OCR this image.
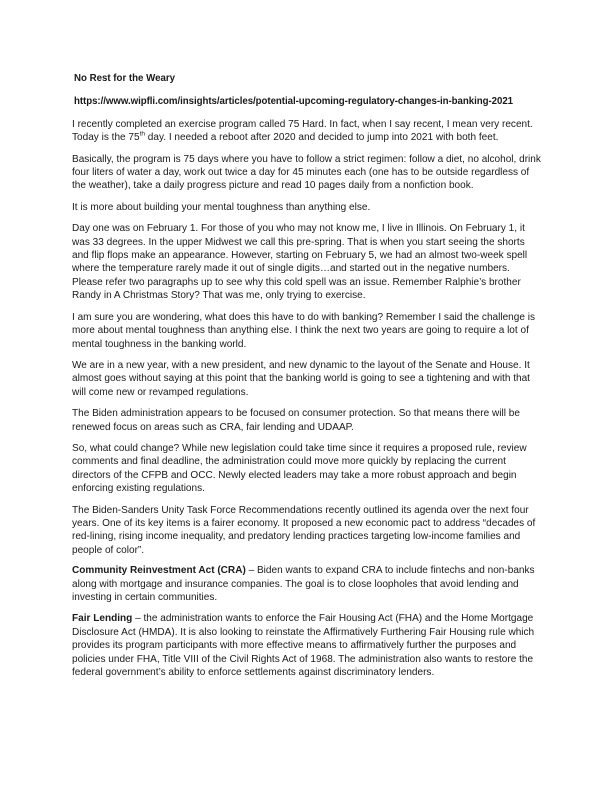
No Rest for the Weary
https://www.wipfli.com/insights/articles/potential-upcoming-regulatory-changes-in-banking-2021

I recently completed an exercise program called 75 Hard. In fact, when I say recent, I mean very recent. Today is the 75th day. I needed a reboot after 2020 and decided to jump into 2021 with both feet.

Basically, the program is 75 days where you have to follow a strict regimen: follow a diet, no alcohol, drink four liters of water a day, work out twice a day for 45 minutes each (one has to be outside regardless of the weather), take a daily progress picture and read 10 pages daily from a nonfiction book.

It is more about building your mental toughness than anything else.

Day one was on February 1. For those of you who may not know me, I live in Illinois. On February 1, it was 33 degrees. In the upper Midwest we call this pre-spring. That is when you start seeing the shorts and flip flops make an appearance. However, starting on February 5, we had an almost two-week spell where the temperature rarely made it out of single digits…and started out in the negative numbers. Please refer two paragraphs up to see why this cold spell was an issue. Remember Ralphie’s brother Randy in A Christmas Story? That was me, only trying to exercise.

I am sure you are wondering, what does this have to do with banking? Remember I said the challenge is more about mental toughness than anything else. I think the next two years are going to require a lot of mental toughness in the banking world.

We are in a new year, with a new president, and new dynamic to the layout of the Senate and House. It almost goes without saying at this point that the banking world is going to see a tightening and with that will come new or revamped regulations.

The Biden administration appears to be focused on consumer protection. So that means there will be renewed focus on areas such as CRA, fair lending and UDAAP.

So, what could change? While new legislation could take time since it requires a proposed rule, review comments and final deadline, the administration could move more quickly by replacing the current directors of the CFPB and OCC. Newly elected leaders may take a more robust approach and begin enforcing existing regulations.

The Biden-Sanders Unity Task Force Recommendations recently outlined its agenda over the next four years. One of its key items is a fairer economy. It proposed a new economic pact to address “decades of red-lining, rising income inequality, and predatory lending practices targeting low-income families and people of color”.

Community Reinvestment Act (CRA) – Biden wants to expand CRA to include fintechs and non-banks along with mortgage and insurance companies. The goal is to close loopholes that avoid lending and investing in certain communities.

Fair Lending – the administration wants to enforce the Fair Housing Act (FHA) and the Home Mortgage Disclosure Act (HMDA). It is also looking to reinstate the Affirmatively Furthering Fair Housing rule which provides its program participants with more effective means to affirmatively further the purposes and policies under FHA, Title VIII of the Civil Rights Act of 1968. The administration also wants to restore the federal government’s ability to enforce settlements against discriminatory lenders.
